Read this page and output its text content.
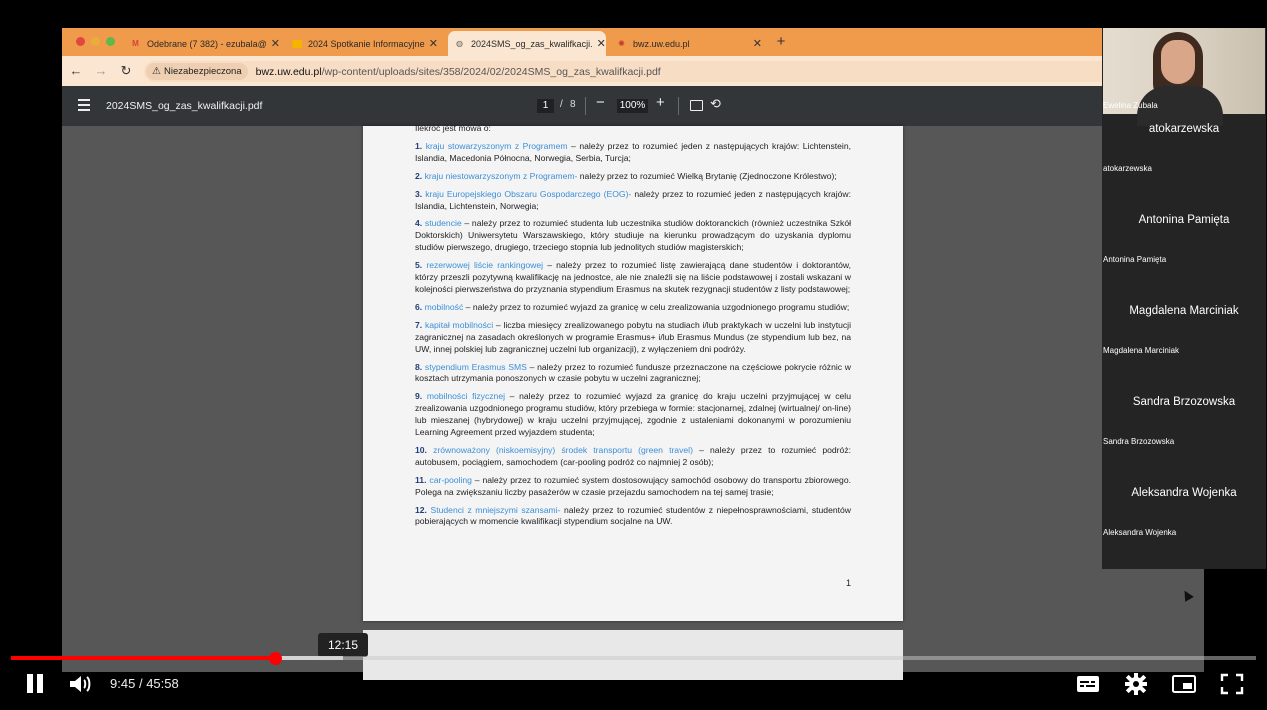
M Odebrane (7 382) - ezubala@ ✕	2024 Spotkanie Informacyjne ✕ ◍ 2024SMS_og_zas_kwalifkacji. ✕ ✺ bwz.uw.edu.pl	✕ +
← → ↻ ⚠ Niezabezpieczona bwz.uw.edu.pl/wp-content/uploads/sites/358/2024/02/2024SMS_og_zas_kwalifkacji.pdf
2024SMS_og_zas_kwalifkacji.pdf	1	/ 8 − 100% +	⟲
Ilekroć jest mowa o:
1. kraju stowarzyszonym z Programem – należy przez to rozumieć jeden z następujących krajów: Lichtenstein, Islandia, Macedonia Północna, Norwegia, Serbia, Turcja;
2. kraju niestowarzyszonym z Programem- należy przez to rozumieć Wielką Brytanię (Zjednoczone Królestwo);
3. kraju Europejskiego Obszaru Gospodarczego (EOG)- należy przez to rozumieć jeden z następujących krajów: Islandia, Lichtenstein, Norwegia;
4. studencie – należy przez to rozumieć studenta lub uczestnika studiów doktoranckich (również uczestnika Szkół Doktorskich) Uniwersytetu Warszawskiego, który studiuje na kierunku prowadzącym do uzyskania dyplomu studiów pierwszego, drugiego, trzeciego stopnia lub jednolitych studiów magisterskich;
5. rezerwowej liście rankingowej – należy przez to rozumieć listę zawierającą dane studentów i doktorantów, którzy przeszli pozytywną kwalifikację na jednostce, ale nie znaleźli się na liście podstawowej i zostali wskazani w kolejności pierwszeństwa do przyznania stypendium Erasmus na skutek rezygnacji studentów z listy podstawowej;
6. mobilność – należy przez to rozumieć wyjazd za granicę w celu zrealizowania uzgodnionego programu studiów;
7. kapitał mobilności – liczba miesięcy zrealizowanego pobytu na studiach i/lub praktykach w uczelni lub instytucji zagranicznej na zasadach określonych w programie Erasmus+ i/lub Erasmus Mundus (ze stypendium lub bez, na UW, innej polskiej lub zagranicznej uczelni lub organizacji), z wyłączeniem dni podróży.
8. stypendium Erasmus SMS – należy przez to rozumieć fundusze przeznaczone na częściowe pokrycie różnic w kosztach utrzymania ponoszonych w czasie pobytu w uczelni zagranicznej;
9. mobilności fizycznej – należy przez to rozumieć wyjazd za granicę do kraju uczelni przyjmującej w celu zrealizowania uzgodnionego programu studiów, który przebiega w formie: stacjonarnej, zdalnej (wirtualnej/ on-line) lub mieszanej (hybrydowej) w kraju uczelni przyjmującej, zgodnie z ustaleniami dokonanymi w porozumieniu Learning Agreement przed wyjazdem studenta;
10. zrównoważony (niskoemisyjny) środek transportu (green travel) – należy przez to rozumieć podróż: autobusem, pociągiem, samochodem (car-pooling podróż co najmniej 2 osób);
11. car-pooling – należy przez to rozumieć system dostosowujący samochód osobowy do transportu zbiorowego. Polega na zwiększaniu liczby pasażerów w czasie przejazdu samochodem na tej samej trasie;
12. Studenci z mniejszymi szansami- należy przez to rozumieć studentów z niepełnosprawnościami, studentów pobierających w momencie kwalifikacji stypendium socjalne na UW.
1
Ewelina Zubala
atokarzewska
atokarzewska
Antonina Pamięta
Antonina Pamięta
Magdalena Marciniak
Magdalena Marciniak
Sandra Brzozowska
Sandra Brzozowska
Aleksandra Wojenka
Aleksandra Wojenka
12:15
9:45 / 45:58
